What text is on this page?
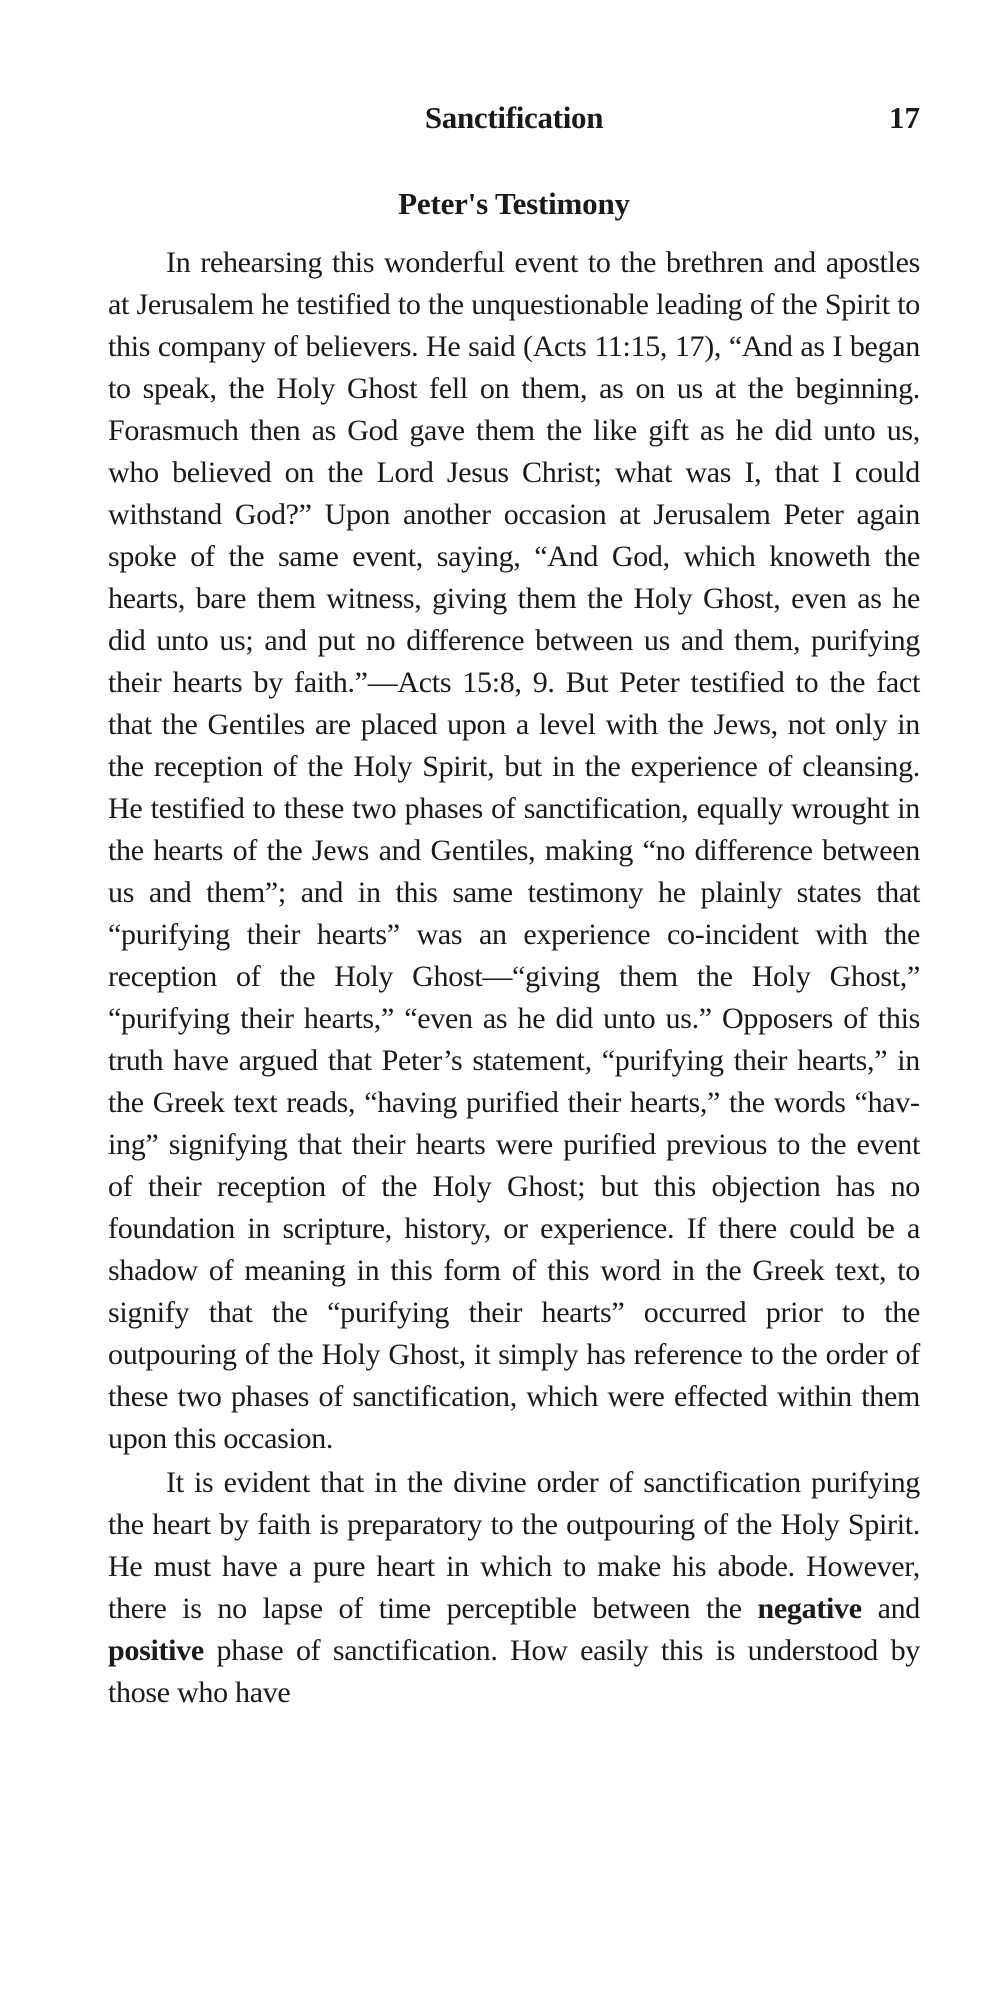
Sanctification	17
Peter's Testimony

In rehearsing this wonderful event to the brethren and apostles at Jerusalem he testified to the unquestionable leading of the Spirit to this company of believers. He said (Acts 11:15, 17), “And as I began to speak, the Holy Ghost fell on them, as on us at the beginning. Forasmuch then as God gave them the like gift as he did unto us, who believed on the Lord Jesus Christ; what was I, that I could withstand God?” Upon another occasion at Jerusalem Peter again spoke of the same event, saying, “And God, which knoweth the hearts, bare them witness, giving them the Holy Ghost, even as he did unto us; and put no difference between us and them, purifying their hearts by faith.”—Acts 15:8, 9. But Peter testified to the fact that the Gentiles are placed upon a level with the Jews, not only in the reception of the Holy Spirit, but in the experience of cleansing. He testified to these two phases of sanctification, equally wrought in the hearts of the Jews and Gentiles, making “no difference between us and them”; and in this same testimony he plainly states that “purifying their hearts” was an experience co-incident with the reception of the Holy Ghost—“giving them the Holy Ghost,” “purifying their hearts,” “even as he did unto us.” Opposers of this truth have argued that Peter’s statement, “purifying their hearts,” in the Greek text reads, “having purified their hearts,” the words “having” signifying that their hearts were purified previous to the event of their reception of the Holy Ghost; but this objection has no foundation in scripture, history, or experience. If there could be a shadow of meaning in this form of this word in the Greek text, to signify that the “purifying their hearts” occurred prior to the outpouring of the Holy Ghost, it simply has reference to the order of these two phases of sanctification, which were effected within them upon this occasion.

It is evident that in the divine order of sanctification purifying the heart by faith is preparatory to the outpouring of the Holy Spirit. He must have a pure heart in which to make his abode. However, there is no lapse of time perceptible between the negative and positive phase of sanctification. How easily this is understood by those who have
